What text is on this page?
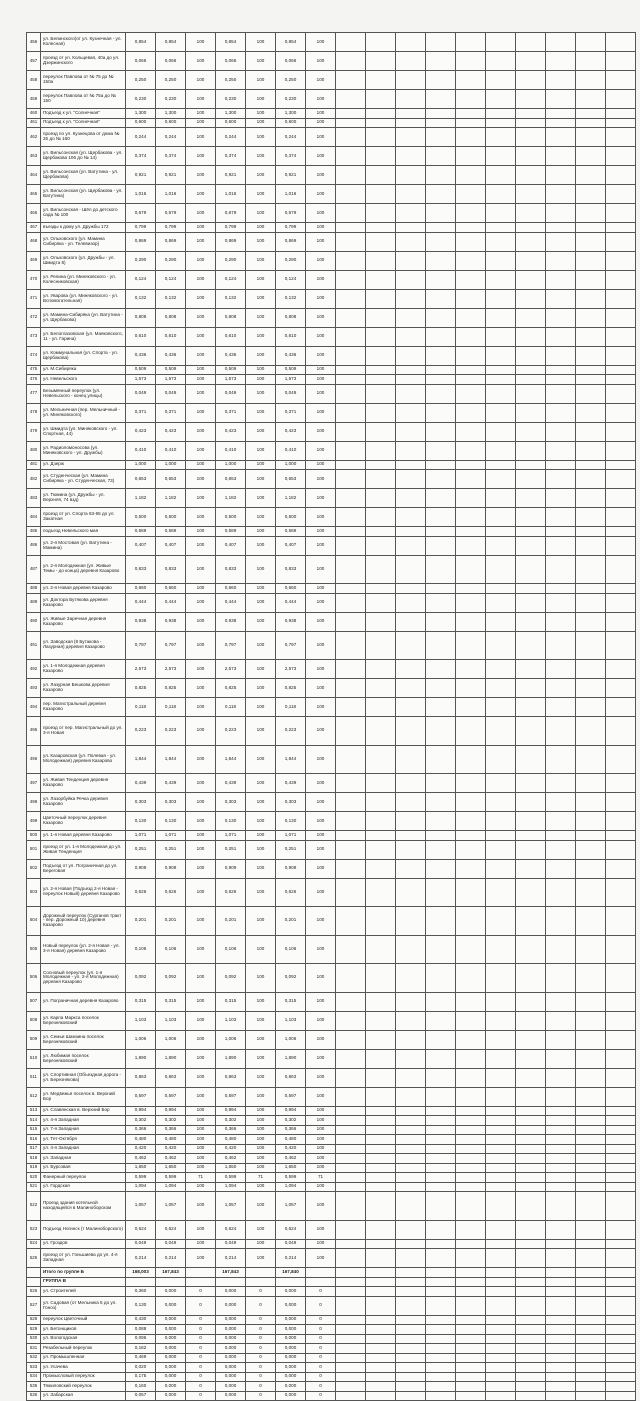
456	ул. Белинского(от ул. Кузнечная - ул. Колесная)	0,854	0,854	100	0,854	100	0,854	100										
457	проезд от ул. Кольцевая, 40а до ул. Дзержинского	0,066	0,066	100	0,066	100	0,066	100										
458	переулок Павлова от № 75 до № 150а	0,250	0,250	100	0,250	100	0,250	100										
459	переулок Павлова от № 75а до № 150	0,230	0,230	100	0,230	100	0,230	100										
460	Подъезд к ул. "Солнечная"	1,300	1,300	100	1,300	100	1,300	100										
461	Подъезд к ул. "Солнечная"	0,600	0,600	100	0,600	100	0,600	100										
462	проезд по ул. Кузнецова от дома № 26 до № 160	0,244	0,244	100	0,244	100	0,244	100										
463	ул. Вильсонская (ул. Щербакова - ул. Щербакова 106 до № 14)	0,374	0,374	100	0,374	100	0,374	100										
464	ул. Вильсонская (ул. Ватутина - ул. Щербакова)	0,921	0,921	100	0,921	100	0,921	100										
465	ул. Вильсонская (ул. Щербакова - ул. Ватутина)	1,016	1,016	100	1,016	100	1,016	100										
466	ул. Вильсонская - Шёл до детского сада № 100	0,679	0,679	100	0,679	100	0,679	100										
467	въезды к дому ул. Дружбы 172	0,799	0,799	100	0,799	100	0,799	100										
468	ул. Ольховского (ул. Мамина Сибиряка - ул. Телевизор)	0,869	0,869	100	0,869	100	0,869	100										
469	ул. Ольховского (ул. Дружбы - ул. Шмидта 8)	0,290	0,290	100	0,290	100	0,290	100										
470	ул. Репина (ул. Миняковского - ул. Колесниковская)	0,124	0,124	100	0,124	100	0,124	100										
471	ул. Уварова (ул. Миняковского - ул. Вспомогательная)	0,132	0,132	100	0,132	100	0,132	100										
472	ул. Мамина-Сибиряка (ул. Ватутина - ул. Щербакова)	0,808	0,808	100	0,808	100	0,808	100										
473	ул. Белоглазовская (ул. Маяковского, 11 - ул. Гарина)	0,610	0,610	100	0,610	100	0,610	100										
474	ул. Коммунальная (ул. Спорта - ул. Щербакова)	0,436	0,436	100	0,436	100	0,436	100										
475	ул. М.Сибиряка	0,509	0,509	100	0,509	100	0,509	100										
476	ул. Невельского	1,573	1,573	100	1,573	100	1,573	100										
477	Безымянный переулок (ул. Невельского - конец улицы)	0,049	0,049	100	0,049	100	0,049	100										
478	ул. Мельничная (пер. Мельничный - ул. Миняковского)	0,371	0,371	100	0,371	100	0,371	100										
479	ул. Шмидта (ул. Миняковского - ул. Спортная, 44)	0,423	0,423	100	0,423	100	0,423	100										
480	ул. Радиоломоносова (ул. Миняковского - ул. Дружбы)	0,410	0,410	100	0,410	100	0,410	100										
481	ул. Дзерж	1,000	1,000	100	1,000	100	1,000	100										
482	ул. Студенческая (ул. Мамина Сибиряка - ул. Студенческая, 73)	0,653	0,653	100	0,653	100	0,653	100										
483	ул. Тюмина (ул. Дружбы - ул. Верхняя, 74 взд)	1,182	1,182	100	1,182	100	1,182	100										
484	проезд от ул. Спорта 63-65 до ул. Закатная	0,500	0,500	100	0,500	100	0,500	100										
485	подъезд Невельского мая	0,589	0,589	100	0,589	100	0,589	100										
486	ул. 2-я Мостовая (ул. Ватутина - Мамина)	0,407	0,407	100	0,407	100	0,407	100										
487	ул. 2-я Молодежная (ул. Живые Темы - до конца) деревня Казарово	0,833	0,833	100	0,833	100	0,833	100										
488	ул. 2-я Новая деревня Казарово	0,660	0,660	100	0,660	100	0,660	100										
489	ул. Доктора Бутякова деревня Казарово	0,444	0,444	100	0,444	100	0,444	100										
490	ул. Живые Заречная деревня Казарово	0,938	0,938	100	0,938	100	0,938	100										
491	ул. Заводская (8 Бутакова - Лазурная) деревня Казарово	0,797	0,797	100	0,797	100	0,797	100										
492	ул. 1-я Молодежная деревня Казарово	2,573	2,573	100	2,573	100	2,573	100										
493	ул. Лазурная Бешкова деревня Казарово	0,825	0,825	100	0,825	100	0,825	100										
494	пер. Магистральный деревня Казарово	0,118	0,118	100	0,118	100	0,118	100										
495	проезд от пер. Магистральный до ул. 3-я Новая	0,223	0,223	100	0,223	100	0,223	100										
496	ул. Казаровская (ул. Полевая - ул. Молодежная) деревня Казарово	1,844	1,844	100	1,844	100	1,844	100										
497	ул. Живая Тенденция деревня Казарово	0,439	0,439	100	0,439	100	0,439	100										
498	ул. Лазорбуйка Речка деревня Казарово	0,303	0,303	100	0,303	100	0,303	100										
499	Цветочный переулок деревня Казарово	0,130	0,130	100	0,130	100	0,130	100										
500	ул. 1-я Новая деревня Казарово	1,071	1,071	100	1,071	100	1,071	100										
501	проезд от ул. 1-я Молодежная до ул. Живая Тенденция	0,251	0,251	100	0,251	100	0,251	100										
502	Подъезд от ул. Пограничная до ул. Береговая	0,909	0,909	100	0,909	100	0,909	100										
503	ул. 2-я Новая (Подъезд 2-я Новая - переулок Новый) деревня Казарово	0,626	0,626	100	0,626	100	0,626	100										
504	Дорожный переулок (Сурганов тракт - пер. Дорожный 10) деревня Казарово	0,201	0,201	100	0,201	100	0,201	100										
505	Новый переулок (ул. 2-я Новая - ул. 3-я Новая) деревня Казарово	0,106	0,106	100	0,106	100	0,106	100										
506	Сосновый переулок (ул. 1-я Молодежная - ул. 2-я Молодежная) деревня Казарово	0,092	0,092	100	0,092	100	0,092	100										
507	ул. Пограничная деревня Казарово	0,315	0,315	100	0,315	100	0,315	100										
508	ул. Карла Маркса поселок Березняковский	1,103	1,103	100	1,103	100	1,103	100										
509	ул. Семьи Шамзина поселок Березняковский	1,006	1,006	100	1,006	100	1,006	100										
510	ул. Любимая поселок Березняковский	1,890	1,890	100	1,890	100	1,890	100										
511	ул. Спортивная (Объездная дорога - ул. Березнякова)	0,863	0,863	100	0,863	100	0,863	100										
512	ул. Медвежья поселок в. Верхний Бор	0,597	0,597	100	0,597	100	0,597	100										
513	ул. Славянская в. Верхний Бор	0,994	0,994	100	0,994	100	0,994	100										
514	ул. 4-я Западная	0,302	0,302	100	0,302	100	0,302	100										
515	ул. 7-я Западная	0,366	0,366	100	0,366	100	0,366	100										
516	ул. Тет-Октября	0,480	0,480	100	0,480	100	0,480	100										
517	ул. 4-я Западная	0,420	0,420	100	0,420	100	0,420	100										
518	ул. Западная	0,462	0,462	100	0,462	100	0,462	100										
519	ул. Бурсовая	1,650	1,650	100	1,650	100	1,650	100										
520	Фанерный переулок	0,599	0,599	71	0,599	71	0,599	71										
521	ул. Гордская	1,094	1,094	100	1,094	100	1,094	100										
522	Проезд здания котельной находящейся в Малиноборском	1,057	1,057	100	1,057	100	1,057	100										
523	Подъезд Ногинск (т Малиноборского)	0,624	0,624	100	0,624	100	0,624	100										
524	ул. Гроздов	0,049	0,049	100	0,049	100	0,049	100										
525	проезд от ул. Гоньшиева до ул. 4-я Западная	0,214	0,214	100	0,214	100	0,214	100										
	Итого по группе Б	168,003	167,843		167,843		167,840											
	ГРУППА В																	
526	ул. Строителей	0,360	0,000	0	0,000	0	0,000	0										
527	ул. Садовая (от Мельника 5 до ул. Гоноз)	0,130	0,000	0	0,000	0	0,000	0										
528	переулок Цветочный	0,430	0,000	0	0,000	0	0,000	0										
529	ул. Бетонщиков	0,088	0,000	0	0,000	0	0,000	0										
530	ул. Вологодская	0,096	0,000	0	0,000	0	0,000	0										
531	Резабельный переулок	0,162	0,000	0	0,000	0	0,000	0										
532	ул. Промышленная	0,469	0,000	0	0,000	0	0,000	0										
533	ул. Усачева	0,020	0,000	0	0,000	0	0,000	0										
534	Промысловый переулок	0,175	0,000	0	0,000	0	0,000	0										
535	Тяжиловский переулок	0,160	0,000	0	0,000	0	0,000	0										
536	ул. Забарская	0,057	0,000	0	0,000	0	0,000	0										
